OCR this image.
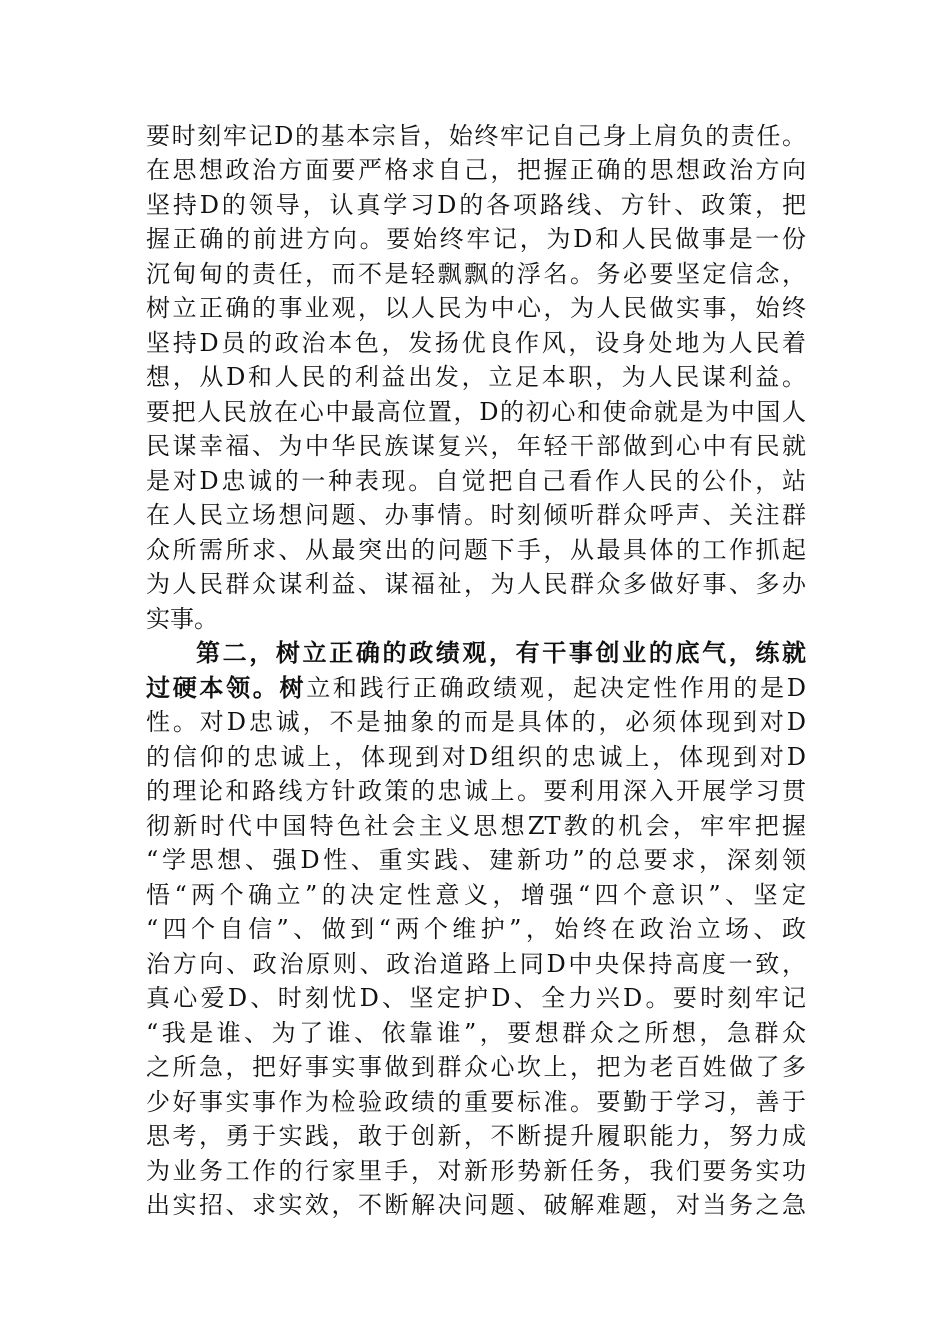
要时刻牢记D的基本宗旨，始终牢记自己身上肩负的责任。
在思想政治方面要严格求自己，把握正确的思想政治方向
坚持D的领导，认真学习D的各项路线、方针、政策，把
握正确的前进方向。要始终牢记，为D和人民做事是一份
沉甸甸的责任，而不是轻飘飘的浮名。务必要坚定信念，
树立正确的事业观，以人民为中心，为人民做实事，始终
坚持D员的政治本色，发扬优良作风，设身处地为人民着
想，从D和人民的利益出发，立足本职，为人民谋利益。
要把人民放在心中最高位置，D的初心和使命就是为中国人
民谋幸福、为中华民族谋复兴，年轻干部做到心中有民就
是对D忠诚的一种表现。自觉把自己看作人民的公仆，站
在人民立场想问题、办事情。时刻倾听群众呼声、关注群
众所需所求、从最突出的问题下手，从最具体的工作抓起
为人民群众谋利益、谋福祉，为人民群众多做好事、多办
实事。
第二，树立正确的政绩观，有干事创业的底气，练就
过硬本领。树立和践行正确政绩观，起决定性作用的是D
性。对D忠诚，不是抽象的而是具体的，必须体现到对D
的信仰的忠诚上，体现到对D组织的忠诚上，体现到对D
的理论和路线方针政策的忠诚上。要利用深入开展学习贯
彻新时代中国特色社会主义思想ZT教的机会，牢牢把握
“学思想、强D性、重实践、建新功”的总要求，深刻领
悟“两个确立”的决定性意义，增强“四个意识”、坚定
“四个自信”、做到“两个维护”，始终在政治立场、政
治方向、政治原则、政治道路上同D中央保持高度一致，
真心爱D、时刻忧D、坚定护D、全力兴D。要时刻牢记
“我是谁、为了谁、依靠谁”，要想群众之所想，急群众
之所急，把好事实事做到群众心坎上，把为老百姓做了多
少好事实事作为检验政绩的重要标准。要勤于学习，善于
思考，勇于实践，敢于创新，不断提升履职能力，努力成
为业务工作的行家里手，对新形势新任务，我们要务实功
出实招、求实效，不断解决问题、破解难题，对当务之急
